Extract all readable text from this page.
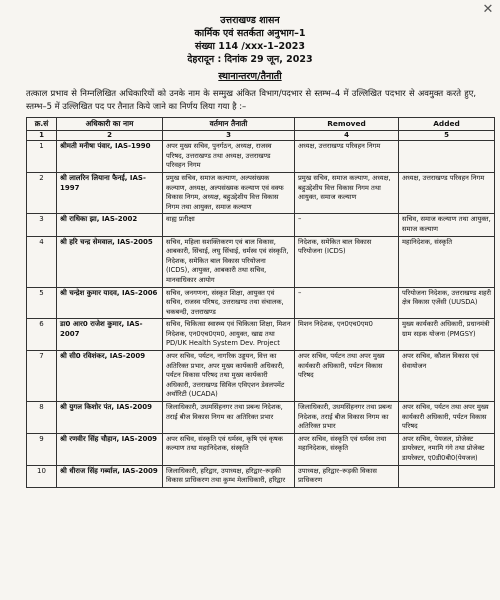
✕
उत्तराखण्ड शासन
कार्मिक एवं सतर्कता अनुभाग–1
संख्या 114 /xxx-1–2023
देहरादून : दिनांक 29 जून, 2023
स्थानान्तरण/तैनाती
तत्काल प्रभाव से निम्नलिखित अधिकारियों को उनके नाम के सम्मुख अंकित विभाग/पदभार से स्तम्भ–4 में उल्लिखित पदभार से अवमुक्त करते हुए, स्तम्भ–5 में उल्लिखित पद पर तैनात किये जाने का निर्णय लिया गया है :–
क्र.सं	अधिकारी का नाम	वर्तमान तैनाती	Removed	Added
1	2	3	4	5
1	श्रीमती मनीषा पंवार, IAS-1990	अपर मुख्य सचिव, पुनर्गठन, अध्यक्ष, राजस्व परिषद, उत्तराखण्ड तथा अध्यक्ष, उत्तराखण्ड परिवहन निगम	अध्यक्ष, उत्तराखण्ड परिवहन निगम	
2	श्री लालरिन लियाना फैनई, IAS-1997	प्रमुख सचिव, समाज कल्याण, अल्पसंख्यक कल्याण, अध्यक्ष, अल्पसंख्यक कल्याण एवं वक्फ विकास निगम, अध्यक्ष, बहुउद्देशीय वित्त विकास निगम तथा आयुक्त, समाज कल्याण	प्रमुख सचिव, समाज कल्याण, अध्यक्ष, बहुउद्देशीय वित्त विकास निगम तथा आयुक्त, समाज कल्याण	अध्यक्ष, उत्तराखण्ड परिवहन निगम
3	श्री राधिका झा, IAS-2002	वाह्य प्रतीक्षा	–	सचिव, समाज कल्याण तथा आयुक्त, समाज कल्याण
4	श्री हरि चन्द्र सेमवाल, IAS-2005	सचिव, महिला सशक्तिकरण एवं बाल विकास, आबकारी, सिंचाई, लघु सिंचाई, धर्मस्व एवं संस्कृति, निदेशक, समेकित बाल विकास परियोजना (ICDS), आयुक्त, आबकारी तथा सचिव, मानवाधिकार आयोग	निदेशक, समेकित बाल विकास परियोजना (ICDS)	महानिदेशक, संस्कृति
5	श्री चन्द्रेश कुमार यादव, IAS-2006	सचिव, जनगणना, संस्कृत शिक्षा, आयुक्त एवं सचिव, राजस्व परिषद, उत्तराखण्ड तथा संचालक, चकबन्दी, उत्तराखण्ड	–	परियोजना निदेशक, उत्तराखण्ड शहरी क्षेत्र विकास एजेंसी (UUSDA)
6	डा0 आर0 राजेश कुमार, IAS-2007	सचिव, चिकित्सा स्वास्थ्य एवं चिकित्सा शिक्षा, मिशन निदेशक, एन0एच0एम0, आयुक्त, खाद्य तथा PD/UK Health System Dev. Project	मिशन निदेशक, एन0एच0एम0	मुख्य कार्यकारी अधिकारी, प्रधानमंत्री ग्राम सड़क योजना (PMGSY)
7	श्री सी0 रविशंकर, IAS-2009	अपर सचिव, पर्यटन, नागरिक उड्डयन, वित्त का अतिरिक्त प्रभार, अपर मुख्य कार्यकारी अधिकारी, पर्यटन विकास परिषद तथा मुख्य कार्यकारी अधिकारी, उत्तराखण्ड सिविल एविएशन डेवलपमेंट अथॉरिटी (UCADA)	अपर सचिव, पर्यटन तथा अपर मुख्य कार्यकारी अधिकारी, पर्यटन विकास परिषद	अपर सचिव, कौशल विकास एवं सेवायोजन
8	श्री युगल किशोर पंत, IAS-2009	जिलाधिकारी, उधमसिंहनगर तथा प्रबन्ध निदेशक, तराई बीज विकास निगम का अतिरिक्त प्रभार	जिलाधिकारी, उधमसिंहनगर तथा प्रबन्ध निदेशक, तराई बीज विकास निगम का अतिरिक्त प्रभार	अपर सचिव, पर्यटन तथा अपर मुख्य कार्यकारी अधिकारी, पर्यटन विकास परिषद
9	श्री रणवीर सिंह चौहान, IAS-2009	अपर सचिव, संस्कृति एवं धर्मस्व, कृषि एवं कृषक कल्याण तथा महानिदेशक, संस्कृति	अपर सचिव, संस्कृति एवं धर्मस्व तथा महानिदेशक, संस्कृति	अपर सचिव, पेयजल, प्रोजेक्ट डायरेक्टर, नमामि गंगे तथा प्रोजेक्ट डायरेक्टर, ए0डी0बी0(पेयजल)
10	श्री धीराज सिंह गर्ब्याल, IAS-2009	जिलाधिकारी, हरिद्वार, उपाध्यक्ष, हरिद्वार–रूड़की विकास प्राधिकरण तथा कुम्भ मेलाधिकारी, हरिद्वार	उपाध्यक्ष, हरिद्वार–रूड़की विकास प्राधिकरण	
